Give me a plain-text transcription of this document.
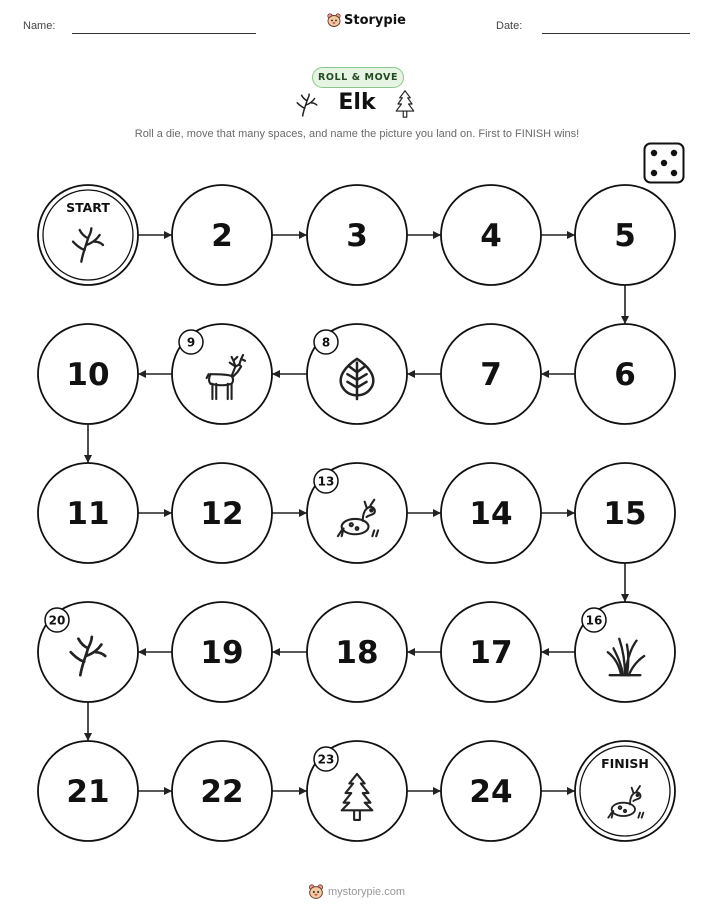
Name:	Date:
Storypie
ROLL & MOVE
Elk
Roll a die, move that many spaces, and name the picture you land on. First to FINISH wins!
START
2	3	4	5
6
7
8
9
10
11	12
13
14	15
16
17
18
19
20
21	22
23
24
FINISH
mystorypie.com
